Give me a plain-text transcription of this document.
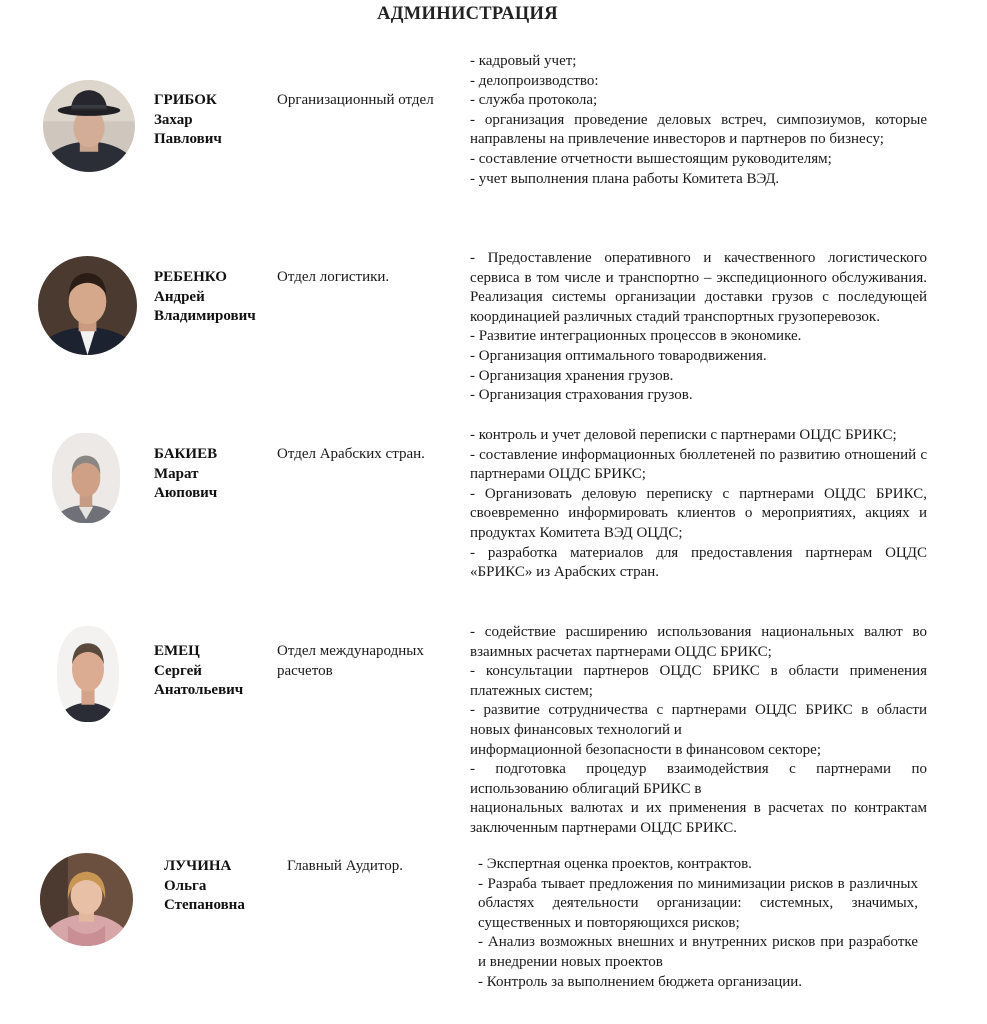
АДМИНИСТРАЦИЯ
ГРИБОК
Захар
Павлович
Организационный отдел

- кадровый учет;

- делопроизводство:

- служба протокола;

- организация проведение деловых встреч, симпозиумов, которые направлены на привлечение инвесторов и партнеров по бизнесу;

- составление отчетности вышестоящим руководителям;

- учет выполнения плана работы Комитета ВЭД.

РЕБЕНКО
Андрей
Владимирович
Отдел логистики.

- Предоставление оперативного и качественного логистического сервиса в том числе и транспортно – экспедиционного обслуживания. Реализация системы организации доставки грузов с последующей координацией различных стадий транспортных грузоперевозок.

- Развитие интеграционных процессов в экономике.

- Организация оптимального товародвижения.

- Организация хранения грузов.

- Организация страхования грузов.

БАКИЕВ
Марат
Аюпович
Отдел Арабских стран.

- контроль и учет деловой переписки с партнерами ОЦДС БРИКС;

- составление информационных бюллетеней по развитию отношений с партнерами ОЦДС БРИКС;

- Организовать деловую переписку с партнерами ОЦДС БРИКС, своевременно информировать клиентов о мероприятиях, акциях и продуктах Комитета ВЭД ОЦДС;

- разработка материалов для предоставления партнерам ОЦДС «БРИКС» из Арабских стран.

ЕМЕЦ
Сергей
Анатольевич
Отдел международных расчетов

- содействие расширению использования национальных валют во взаимных расчетах партнерами ОЦДС БРИКС;

- консультации партнеров ОЦДС БРИКС в области применения платежных систем;

- развитие сотрудничества с партнерами ОЦДС БРИКС в области новых финансовых технологий и

информационной безопасности в финансовом секторе;

- подготовка процедур взаимодействия с партнерами по использованию облигаций БРИКС в

национальных валютах и их применения в расчетах по контрактам заключенным партнерами ОЦДС БРИКС.

ЛУЧИНА
Ольга
Степановна
Главный Аудитор.	- Экспертная оценка проектов, контрактов.

- Разраба тывает предложения по минимизации рисков в различных областях деятельности организации: системных, значимых, существенных и повторяющихся рисков;

- Анализ возможных внешних и внутренних рисков при разработке и внедрении новых проектов

- Контроль за выполнением бюджета организации.
